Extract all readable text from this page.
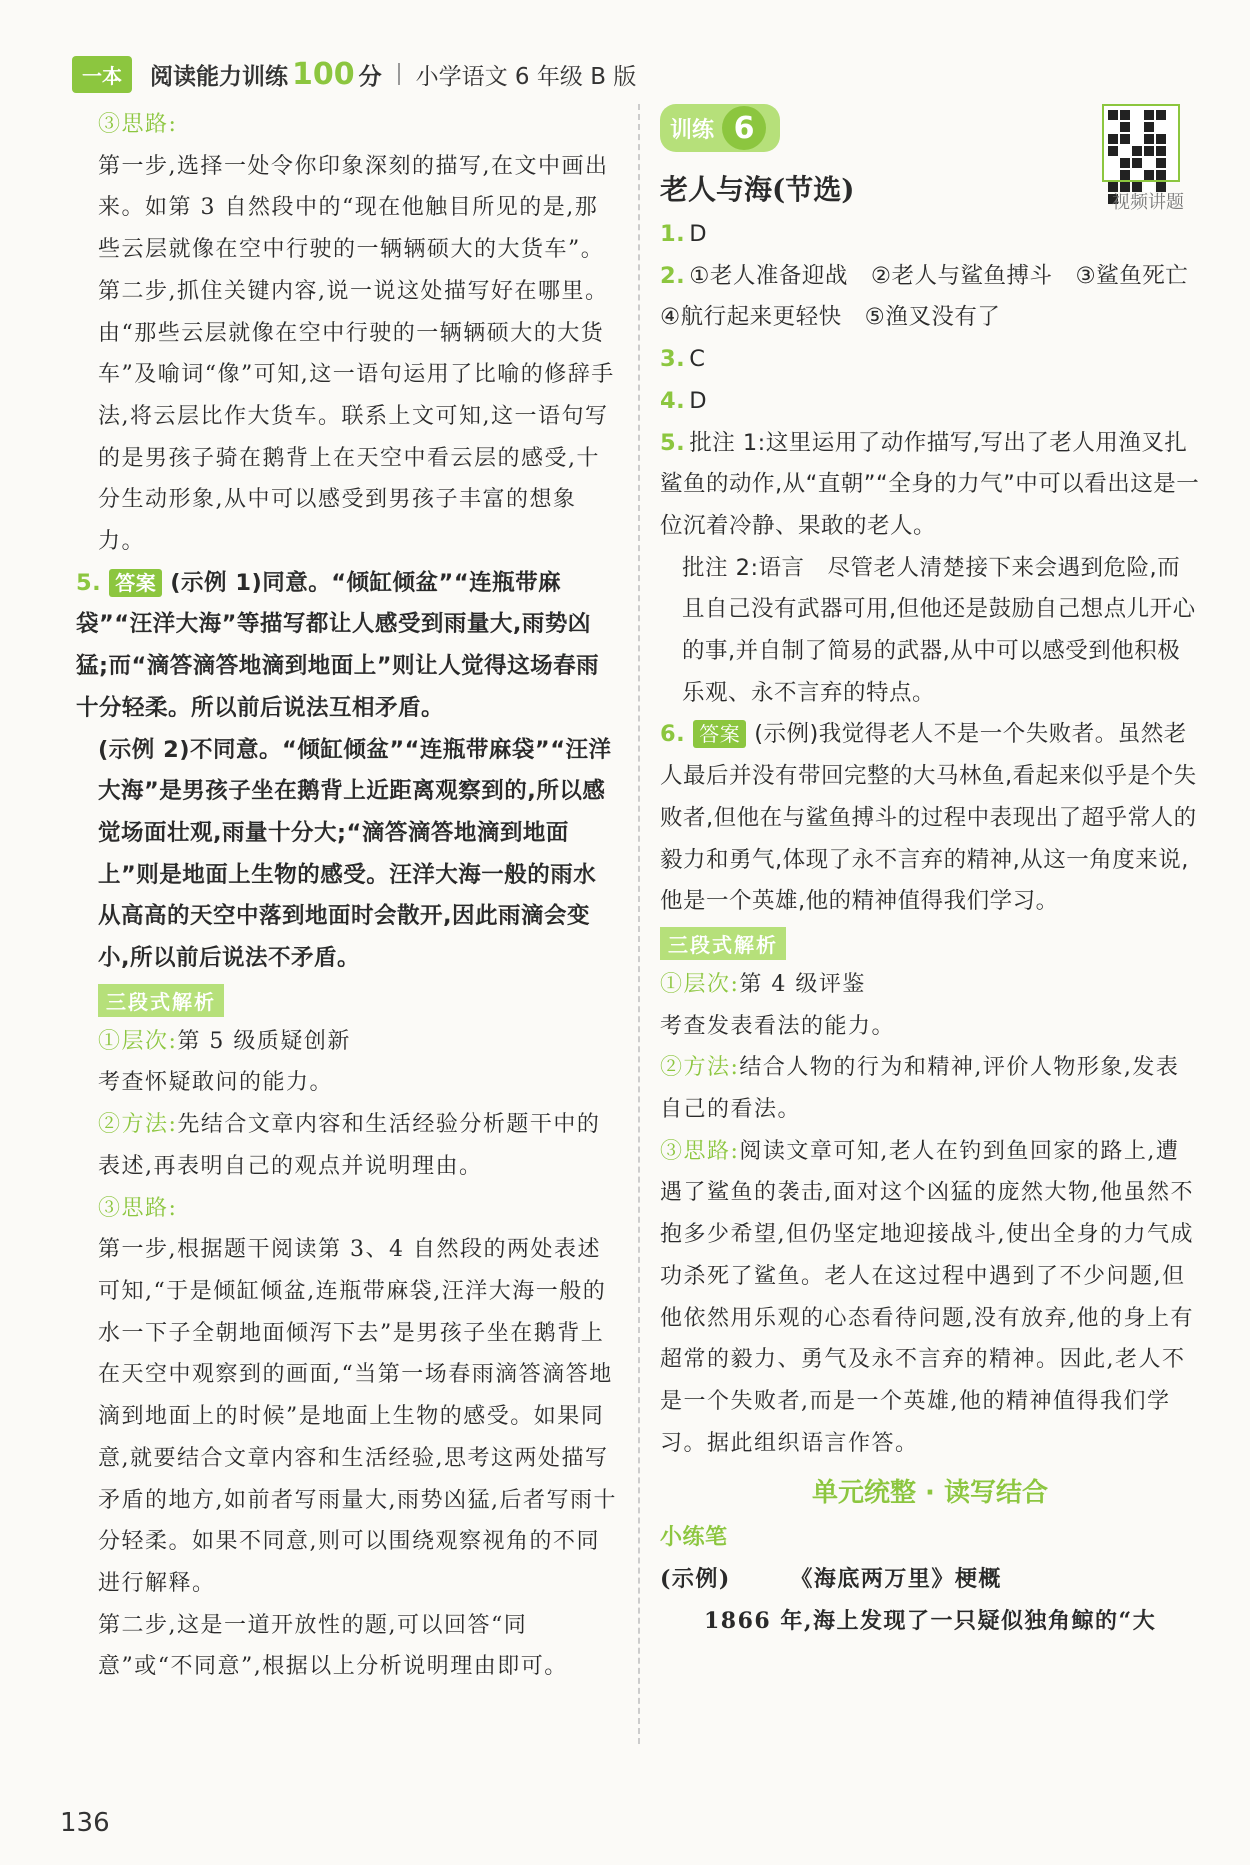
一本	阅读能力训练 100 分 小学语文 6 年级 B 版

③思路:

第一步,选择一处令你印象深刻的描写,在文中画出来。如第 3 自然段中的“现在他触目所见的是,那些云层就像在空中行驶的一辆辆硕大的大货车”。

第二步,抓住关键内容,说一说这处描写好在哪里。由“那些云层就像在空中行驶的一辆辆硕大的大货车”及喻词“像”可知,这一语句运用了比喻的修辞手法,将云层比作大货车。联系上文可知,这一语句写的是男孩子骑在鹅背上在天空中看云层的感受,十分生动形象,从中可以感受到男孩子丰富的想象力。

5. 答案 (示例 1)同意。“倾缸倾盆”“连瓶带麻袋”“汪洋大海”等描写都让人感受到雨量大,雨势凶猛;而“滴答滴答地滴到地面上”则让人觉得这场春雨十分轻柔。所以前后说法互相矛盾。

(示例 2)不同意。“倾缸倾盆”“连瓶带麻袋”“汪洋大海”是男孩子坐在鹅背上近距离观察到的,所以感觉场面壮观,雨量十分大;“滴答滴答地滴到地面上”则是地面上生物的感受。汪洋大海一般的雨水从高高的天空中落到地面时会散开,因此雨滴会变小,所以前后说法不矛盾。

三段式解析

①层次:第 5 级质疑创新

考查怀疑敢问的能力。

②方法:先结合文章内容和生活经验分析题干中的表述,再表明自己的观点并说明理由。

③思路:

第一步,根据题干阅读第 3、4 自然段的两处表述可知,“于是倾缸倾盆,连瓶带麻袋,汪洋大海一般的水一下子全朝地面倾泻下去”是男孩子坐在鹅背上在天空中观察到的画面,“当第一场春雨滴答滴答地滴到地面上的时候”是地面上生物的感受。如果同意,就要结合文章内容和生活经验,思考这两处描写矛盾的地方,如前者写雨量大,雨势凶猛,后者写雨十分轻柔。如果不同意,则可以围绕观察视角的不同进行解释。

第二步,这是一道开放性的题,可以回答“同意”或“不同意”,根据以上分析说明理由即可。

训练 6

老人与海(节选)	视频讲题

1. D

2. ①老人准备迎战　②老人与鲨鱼搏斗　③鲨鱼死亡　④航行起来更轻快　⑤渔叉没有了

3. C

4. D

5. 批注 1:这里运用了动作描写,写出了老人用渔叉扎鲨鱼的动作,从“直朝”“全身的力气”中可以看出这是一位沉着冷静、果敢的老人。

批注 2:语言　尽管老人清楚接下来会遇到危险,而且自己没有武器可用,但他还是鼓励自己想点儿开心的事,并自制了简易的武器,从中可以感受到他积极乐观、永不言弃的特点。

6. 答案 (示例)我觉得老人不是一个失败者。虽然老人最后并没有带回完整的大马林鱼,看起来似乎是个失败者,但他在与鲨鱼搏斗的过程中表现出了超乎常人的毅力和勇气,体现了永不言弃的精神,从这一角度来说,他是一个英雄,他的精神值得我们学习。

三段式解析

①层次:第 4 级评鉴

考查发表看法的能力。

②方法:结合人物的行为和精神,评价人物形象,发表自己的看法。

③思路:阅读文章可知,老人在钓到鱼回家的路上,遭遇了鲨鱼的袭击,面对这个凶猛的庞然大物,他虽然不抱多少希望,但仍坚定地迎接战斗,使出全身的力气成功杀死了鲨鱼。老人在这过程中遇到了不少问题,但他依然用乐观的心态看待问题,没有放弃,他的身上有超常的毅力、勇气及永不言弃的精神。因此,老人不是一个失败者,而是一个英雄,他的精神值得我们学习。据此组织语言作答。

单元统整 · 读写结合

小练笔

(示例)　　　	《海底两万里》梗概

1866 年,海上发现了一只疑似独角鲸的“大

136
